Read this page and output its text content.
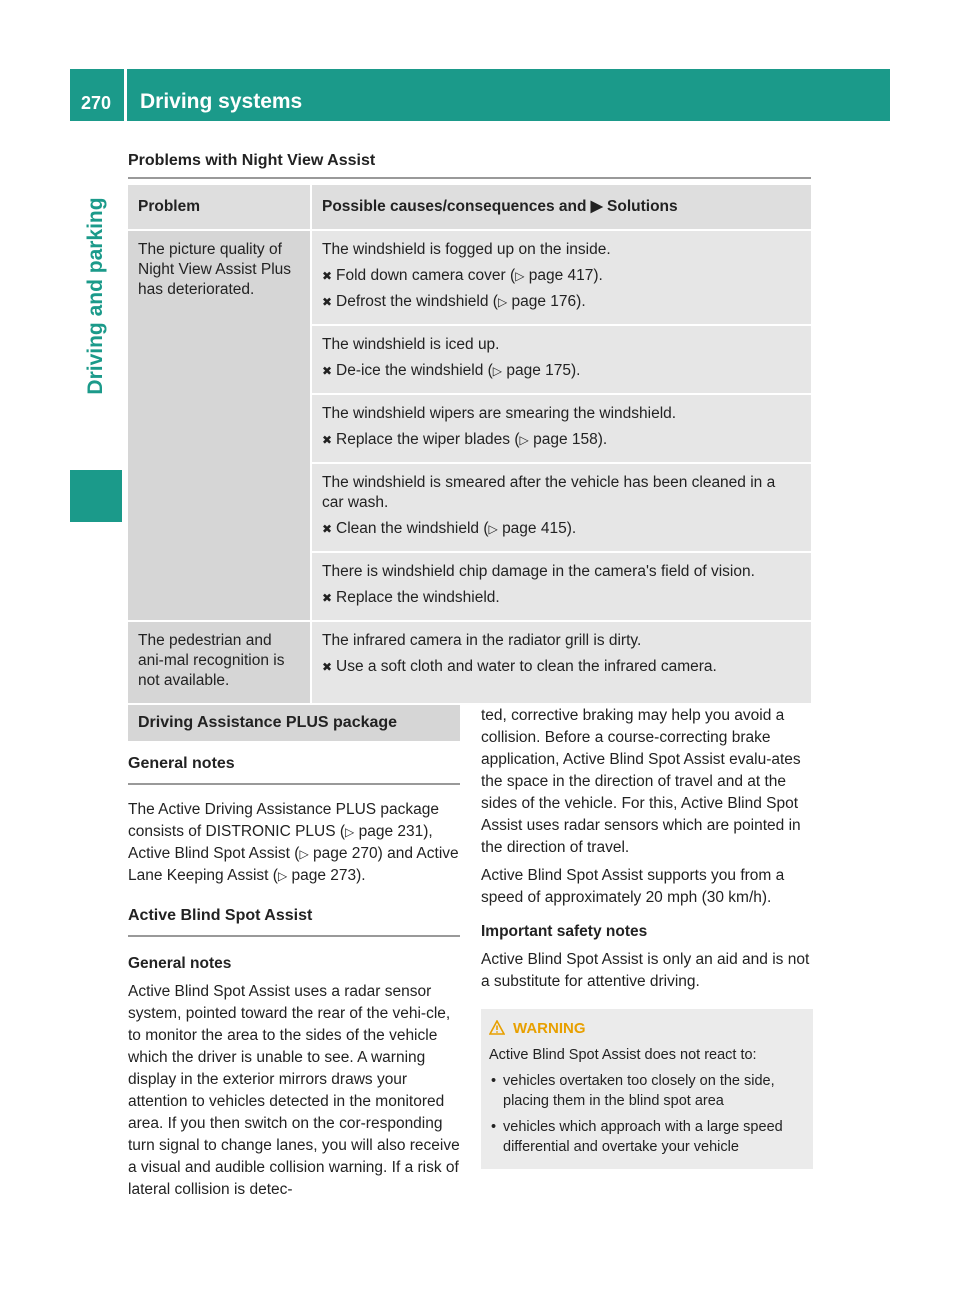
270	Driving systems
Driving and parking
Problems with Night View Assist
Problem	Possible causes/consequences and ▶ Solutions
The picture quality of Night View Assist Plus has deteriorated.	The windshield is fogged up on the inside.
✖ Fold down camera cover (▷ page 417).
✖ Defrost the windshield (▷ page 176).

	The windshield is iced up.
✖ De-ice the windshield (▷ page 175).

	The windshield wipers are smearing the windshield.
✖ Replace the wiper blades (▷ page 158).

	The windshield is smeared after the vehicle has been cleaned in a car wash.
✖ Clean the windshield (▷ page 415).

	There is windshield chip damage in the camera's field of vision.
✖ Replace the windshield.

The pedestrian and ani-mal recognition is not available.	The infrared camera in the radiator grill is dirty.
✖ Use a soft cloth and water to clean the infrared camera.
Driving Assistance PLUS package
General notes

The Active Driving Assistance PLUS package consists of DISTRONIC PLUS (▷ page 231), Active Blind Spot Assist (▷ page 270) and Active Lane Keeping Assist (▷ page 273).

Active Blind Spot Assist
General notes

Active Blind Spot Assist uses a radar sensor system, pointed toward the rear of the vehi-cle, to monitor the area to the sides of the vehicle which the driver is unable to see. A warning display in the exterior mirrors draws your attention to vehicles detected in the monitored area. If you then switch on the cor-responding turn signal to change lanes, you will also receive a visual and audible collision warning. If a risk of lateral collision is detec-

ted, corrective braking may help you avoid a collision. Before a course-correcting brake application, Active Blind Spot Assist evalu-ates the space in the direction of travel and at the sides of the vehicle. For this, Active Blind Spot Assist uses radar sensors which are pointed in the direction of travel.

Active Blind Spot Assist supports you from a speed of approximately 20 mph (30 km/h).

Important safety notes

Active Blind Spot Assist is only an aid and is not a substitute for attentive driving.

WARNING
Active Blind Spot Assist does not react to:
• vehicles overtaken too closely on the side, placing them in the blind spot area
• vehicles which approach with a large speed differential and overtake your vehicle
